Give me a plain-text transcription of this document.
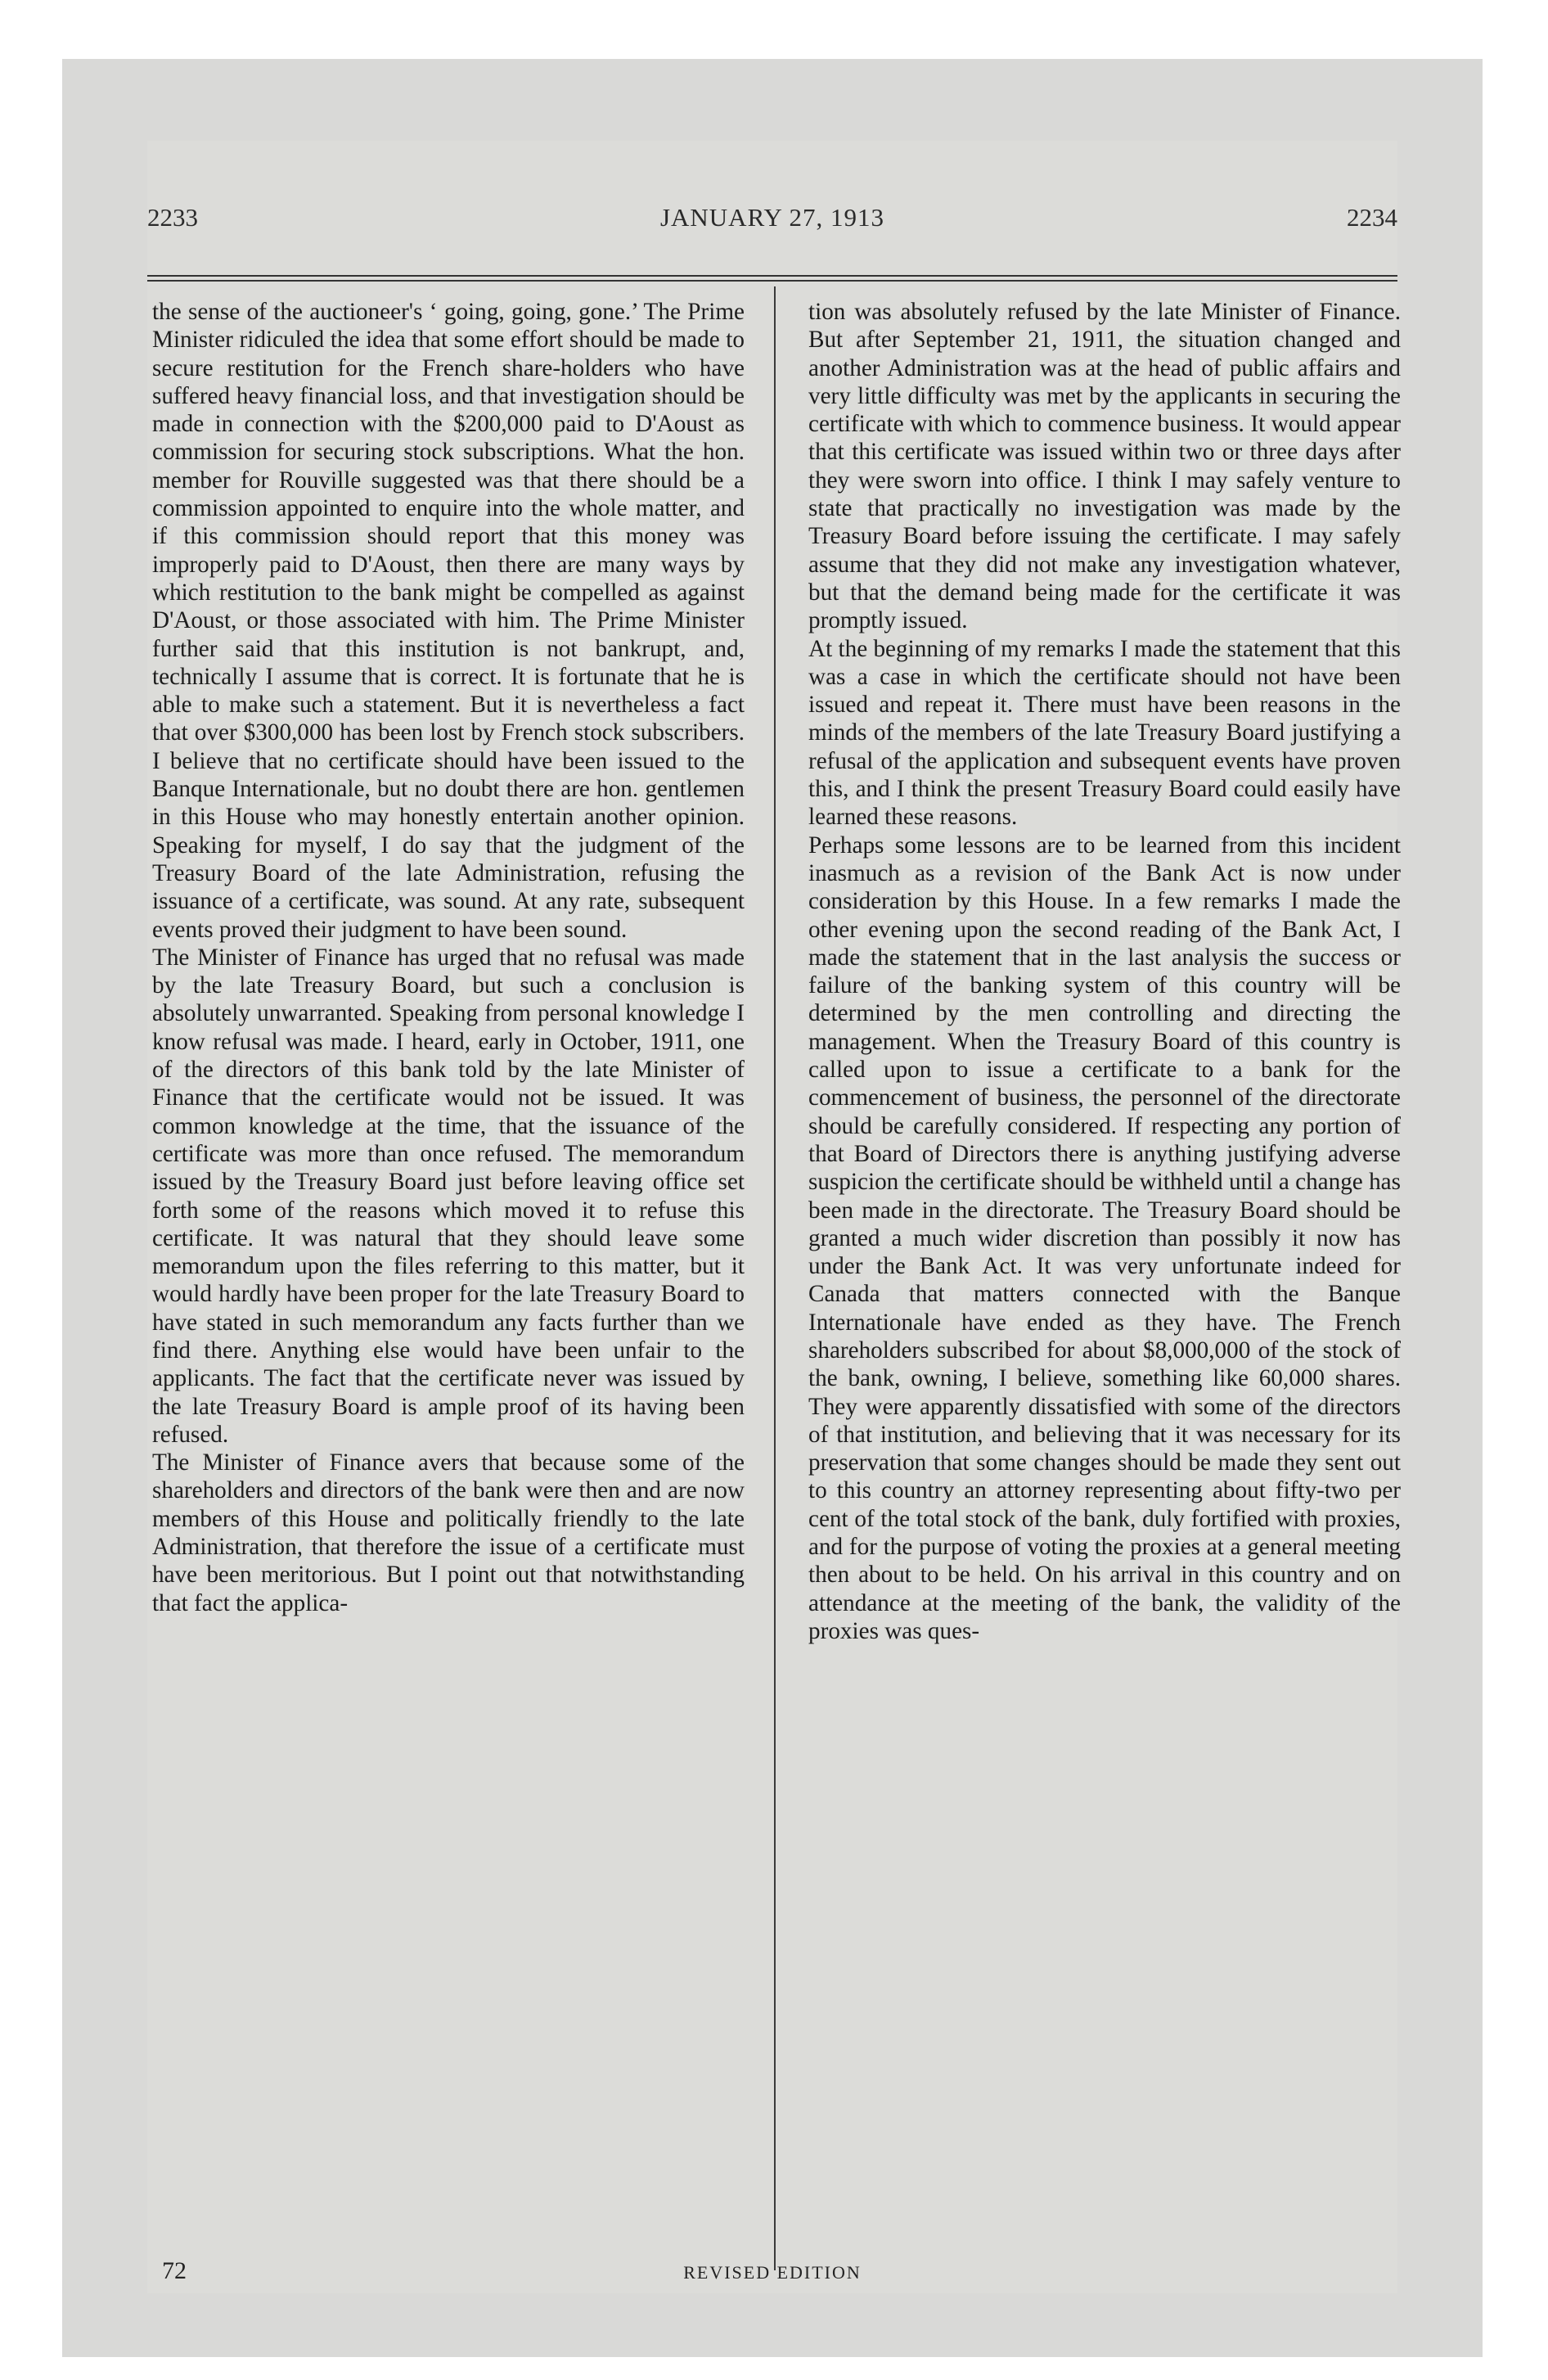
2233	JANUARY 27, 1913	2234

the sense of the auctioneer's ‘ going, going, gone.’ The Prime Minister ridiculed the idea that some effort should be made to secure restitution for the French share-holders who have suffered heavy financial loss, and that investigation should be made in connection with the $200,000 paid to D'Aoust as commission for securing stock subscriptions. What the hon. member for Rouville suggested was that there should be a commission appointed to enquire into the whole matter, and if this commission should report that this money was improperly paid to D'Aoust, then there are many ways by which restitution to the bank might be compelled as against D'Aoust, or those associated with him. The Prime Minister further said that this institution is not bankrupt, and, technically I assume that is correct. It is fortunate that he is able to make such a statement. But it is nevertheless a fact that over $300,000 has been lost by French stock subscribers. I believe that no certificate should have been issued to the Banque Internationale, but no doubt there are hon. gentlemen in this House who may honestly entertain another opinion. Speaking for myself, I do say that the judgment of the Treasury Board of the late Administration, refusing the issuance of a certificate, was sound. At any rate, subsequent events proved their judgment to have been sound.

The Minister of Finance has urged that no refusal was made by the late Treasury Board, but such a conclusion is absolutely unwarranted. Speaking from personal knowledge I know refusal was made. I heard, early in October, 1911, one of the directors of this bank told by the late Minister of Finance that the certificate would not be issued. It was common knowledge at the time, that the issuance of the certificate was more than once refused. The memorandum issued by the Treasury Board just before leaving office set forth some of the reasons which moved it to refuse this certificate. It was natural that they should leave some memorandum upon the files referring to this matter, but it would hardly have been proper for the late Treasury Board to have stated in such memorandum any facts further than we find there. Anything else would have been unfair to the applicants. The fact that the certificate never was issued by the late Treasury Board is ample proof of its having been refused.

The Minister of Finance avers that because some of the shareholders and directors of the bank were then and are now members of this House and politically friendly to the late Administration, that therefore the issue of a certificate must have been meritorious. But I point out that notwithstanding that fact the applica-

tion was absolutely refused by the late Minister of Finance. But after September 21, 1911, the situation changed and another Administration was at the head of public affairs and very little difficulty was met by the applicants in securing the certificate with which to commence business. It would appear that this certificate was issued within two or three days after they were sworn into office. I think I may safely venture to state that practically no investigation was made by the Treasury Board before issuing the certificate. I may safely assume that they did not make any investigation whatever, but that the demand being made for the certificate it was promptly issued.

At the beginning of my remarks I made the statement that this was a case in which the certificate should not have been issued and repeat it. There must have been reasons in the minds of the members of the late Treasury Board justifying a refusal of the application and subsequent events have proven this, and I think the present Treasury Board could easily have learned these reasons.

Perhaps some lessons are to be learned from this incident inasmuch as a revision of the Bank Act is now under consideration by this House. In a few remarks I made the other evening upon the second reading of the Bank Act, I made the statement that in the last analysis the success or failure of the banking system of this country will be determined by the men controlling and directing the management. When the Treasury Board of this country is called upon to issue a certificate to a bank for the commencement of business, the personnel of the directorate should be carefully considered. If respecting any portion of that Board of Directors there is anything justifying adverse suspicion the certificate should be withheld until a change has been made in the directorate. The Treasury Board should be granted a much wider discretion than possibly it now has under the Bank Act. It was very unfortunate indeed for Canada that matters connected with the Banque Internationale have ended as they have. The French shareholders subscribed for about $8,000,000 of the stock of the bank, owning, I believe, something like 60,000 shares. They were apparently dissatisfied with some of the directors of that institution, and believing that it was necessary for its preservation that some changes should be made they sent out to this country an attorney representing about fifty-two per cent of the total stock of the bank, duly fortified with proxies, and for the purpose of voting the proxies at a general meeting then about to be held. On his arrival in this country and on attendance at the meeting of the bank, the validity of the proxies was ques-

72	REVISED EDITION
